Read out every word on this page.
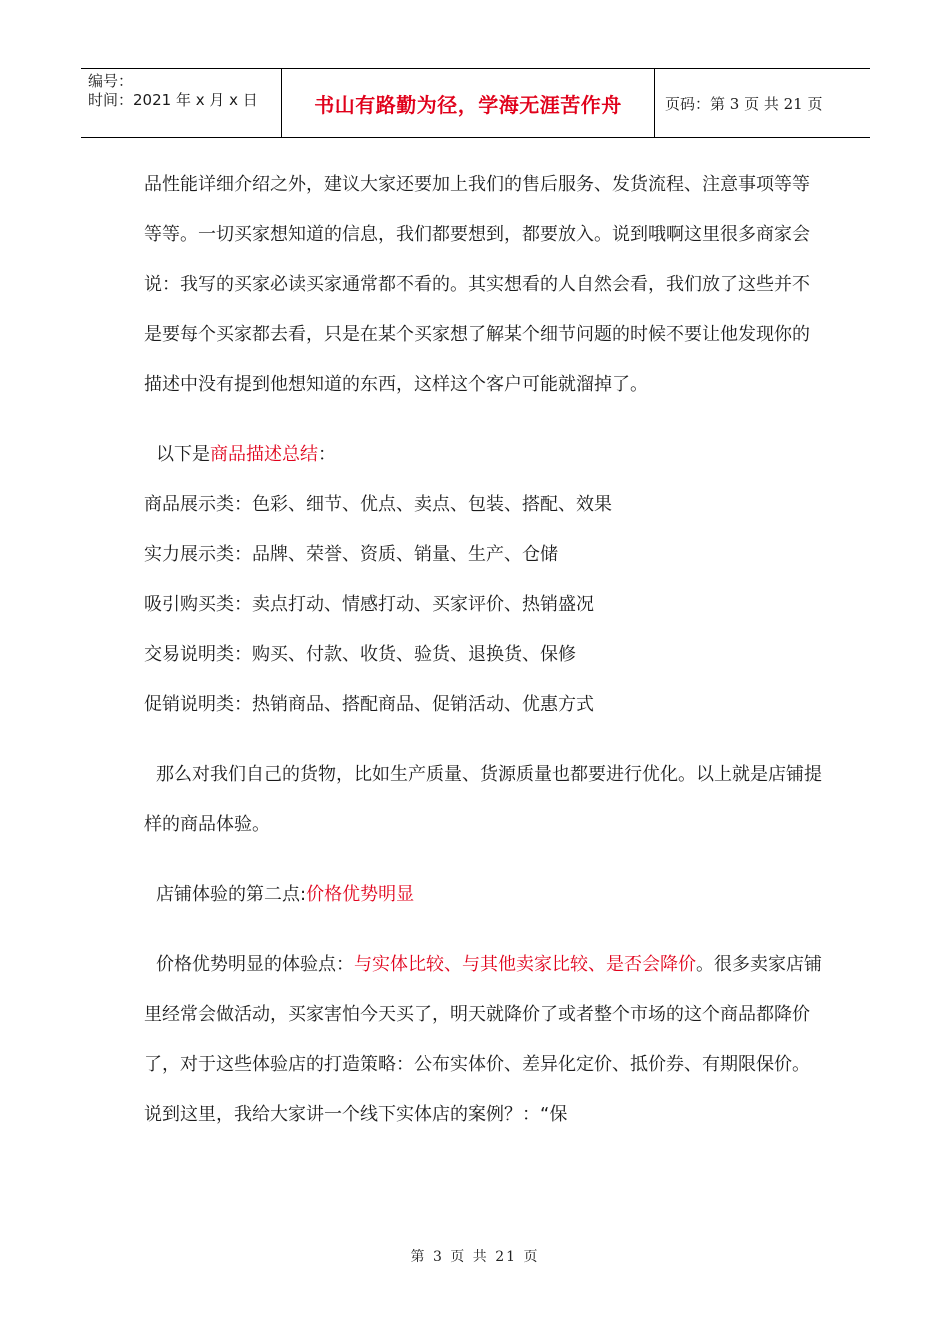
编号：
时间：2021 年 x 月 x 日	书山有路勤为径，学海无涯苦作舟	页码：第 3 页 共 21 页

品性能详细介绍之外，建议大家还要加上我们的售后服务、发货流程、注意事项等等等等。一切买家想知道的信息，我们都要想到，都要放入。说到哦啊这里很多商家会说：我写的买家必读买家通常都不看的。其实想看的人自然会看，我们放了这些并不是要每个买家都去看，只是在某个买家想了解某个细节问题的时候不要让他发现你的描述中没有提到他想知道的东西，这样这个客户可能就溜掉了。

以下是商品描述总结：

商品展示类：色彩、细节、优点、卖点、包装、搭配、效果

实力展示类：品牌、荣誉、资质、销量、生产、仓储

吸引购买类：卖点打动、情感打动、买家评价、热销盛况

交易说明类：购买、付款、收货、验货、退换货、保修

促销说明类：热销商品、搭配商品、促销活动、优惠方式

那么对我们自己的货物，比如生产质量、货源质量也都要进行优化。以上就是店铺提样的商品体验。

店铺体验的第二点:价格优势明显

价格优势明显的体验点：与实体比较、与其他卖家比较、是否会降价。很多卖家店铺里经常会做活动，买家害怕今天买了，明天就降价了或者整个市场的这个商品都降价了，对于这些体验店的打造策略：公布实体价、差异化定价、抵价券、有期限保价。说到这里，我给大家讲一个线下实体店的案例？：“保

第 3 页 共 21 页
